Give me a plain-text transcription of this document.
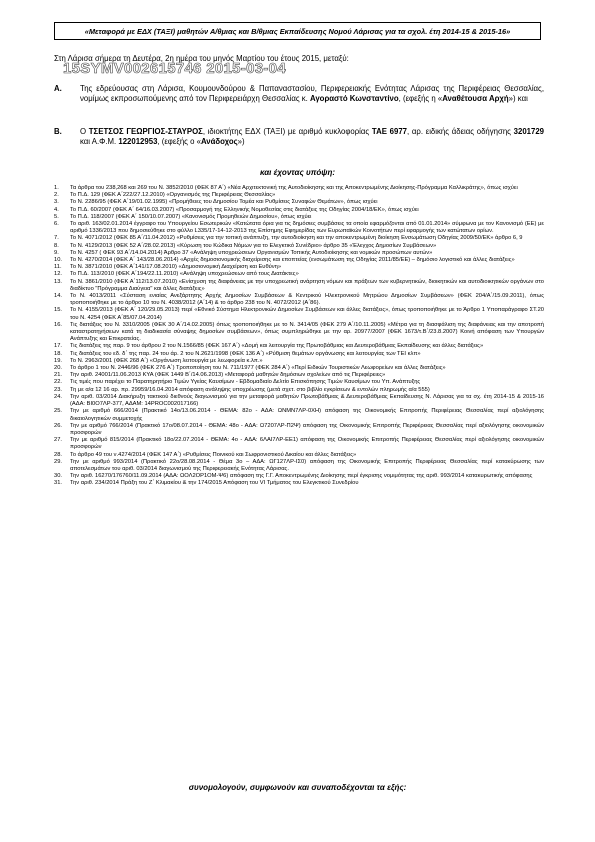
«Μεταφορά με ΕΔΧ (ΤΑΞΙ) μαθητών Α/θμιας και Β/θμιας Εκπαίδευσης Νομού Λάρισας για τα σχολ. έτη 2014-15 & 2015-16»
Στη Λάρισα σήμερα τη Δευτέρα, 2η ημέρα του μηνός Μαρτίου του έτους 2015, μεταξύ:
15SYMV002615746 2015-03-04
Α. Της εδρεύουσας στη Λάρισα, Κουμουνδούρου & Παπαναστασίου, Περιφερειακής Ενότητας Λάρισας της Περιφέρειας Θεσσαλίας, νομίμως εκπροσωπούμενης από τον Περιφερειάρχη Θεσσαλίας κ. Αγοραστό Κωνσταντίνο, (εφεξής η «Αναθέτουσα Αρχή») και
Β. Ο ΤΣΕΤΣΟΣ ΓΕΩΡΓΙΟΣ-ΣΤΑΥΡΟΣ, ιδιοκτήτης ΕΔΧ (ΤΑΞΙ) με αριθμό κυκλοφορίας ΤΑΕ 6977, αρ. ειδικής άδειας οδήγησης 3201729 και Α.Φ.Μ. 122012953, (εφεξής ο «Ανάδοχος»)
και έχοντας υπόψη:
1.	Τα άρθρα του 238,268 και 269 του Ν. 3852/2010 (ΦΕΚ 87 Α΄) «Νέα Αρχιτεκτονική της Αυτοδιοίκησης και της Αποκεντρωμένης Διοίκησης-Πρόγραμμα Καλλικράτης», όπως ισχύει
2.	Το Π.Δ. 129 (ΦΕΚ Α΄222/27.12.2010) «Οργανισμός της Περιφέρειας Θεσσαλίας»
3.	Το Ν. 2286/95 (ΦΕΚ Α΄19/01.02.1995) «Προμήθειες του Δημοσίου Τομέα και Ρυθμίσεις Συναφών Θεμάτων», όπως ισχύει
4.	Το Π.Δ. 60/2007 (ΦΕΚ Α΄ 64/16.03.2007) «Προσαρμογή της Ελληνικής Νομοθεσίας στις διατάξεις της Οδηγίας 2004/18/ΕΚ», όπως ισχύει
5.	Το Π.Δ. 118/2007 (ΦΕΚ Α΄ 150/10.07.2007) «Κανονισμός Προμηθειών Δημοσίου», όπως ισχύει
6.	Το αριθ. 163/02.01.2014 έγγραφο του Υπουργείου Εσωτερικών «Κατώτατα όρια για τις δημόσιες συμβάσεις τα οποία εφαρμόζονται από 01.01.2014» σύμφωνα με τον Κανονισμό (ΕΕ) με αριθμό 1336/2013 που δημοσιεύθηκε στο φύλλο L335/17-14-12-2013 της Επίσημης Εφημερίδας των Ευρωπαϊκών Κοινοτήτων περί εφαρμογής των κατώτατων ορίων.
7.	Το Ν. 4071/2012 (ΦΕΚ 85 Α΄/11.04.2012) «Ρυθμίσεις για την τοπική ανάπτυξη, την αυτοδιοίκηση και την αποκεντρωμένη διοίκηση Ενσωμάτωση Οδηγίας 2009/50/ΕΚ» άρθρο 6, 9
8.	Το Ν. 4129/2013 (ΦΕΚ 52 Α΄/28.02.2013) «Κύρωση του Κώδικα Νόμων για το Ελεγκτικό Συνέδριο» άρθρο 35 «Έλεγχος Δημοσίων Συμβάσεων»
9.	Το Ν. 4257 ( ΦΕΚ 93 Α΄/14.04.2014) Άρθρο 37 «Ανάληψη υποχρεώσεων Οργανισμών Τοπικής Αυτοδιοίκησης και νομικών προσώπων αυτών»
10.	Το Ν. 4270/2014 (ΦΕΚ Α΄ 143/28.06.2014) «Αρχές δημοσιονομικής διαχείρισης και εποπτείας (ενσωμάτωση της Οδηγίας 2011/85/ΕΕ) – δημόσιο λογιστικό και άλλες διατάξεις»
11.	Το Ν. 3871/2010 (ΦΕΚ Α΄141/17.08.2010) «Δημοσιονομική Διαχείριση και Ευθύνη»
12.	Το Π.Δ. 113/2010 (ΦΕΚ Α΄194/22.11.2010) «Ανάληψη υποχρεώσεων από τους Διατάκτες»
13.	Το Ν. 3861/2010 (ΦΕΚ Α΄112/13.07.2010) «Ενίσχυση της διαφάνειας με την υποχρεωτική ανάρτηση νόμων και πράξεων των κυβερνητικών, διοικητικών και αυτοδιοικητικών οργάνων στο διαδίκτυο "Πρόγραμμα Διαύγεια" και άλλες διατάξεις»
14.	Το Ν. 4013/2011 «Σύσταση ενιαίας Ανεξάρτητης Αρχής Δημοσίων Συμβάσεων & Κεντρικού Ηλεκτρονικού Μητρώου Δημοσίων Συμβάσεων» (ΦΕΚ 204/Α΄/15.09.2011), όπως τροποποιήθηκε με το άρθρο 10 του Ν. 4038/2012 (Α΄14) & το άρθρο 238 του Ν. 4072/2012 (Α΄86).
15.	Το Ν. 4155/2013 (ΦΕΚ Α΄ 120/29.05.2013) περί «Εθνικό Σύστημα Ηλεκτρονικών Δημοσίων Συμβάσεων και άλλες διατάξεις», όπως τροποποιήθηκε με το Άρθρο 1 Υποπαράγραφο ΣΤ.20 του Ν. 4254 (ΦΕΚ Α΄85/07.04.2014)
16.	Τις διατάξεις του Ν. 3310/2005 (ΦΕΚ 30 Α΄/14.02.2005) όπως τροποποιήθηκε με το Ν. 3414/05 (ΦΕΚ 279 Α΄/10.11.2005) «Μέτρα για τη διασφάλιση της διαφάνειας και την αποτροπή καταστρατηγήσεων κατά τη διαδικασία σύναψης δημοσίων συμβάσεων», όπως συμπληρώθηκε με την αρ. 20977/2007 (ΦΕΚ 1673/τ.Β΄/23.8.2007) Κοινή απόφαση των Υπουργών Ανάπτυξης και Επικρατείας.
17.	Τις διατάξεις της παρ. 9 του άρθρου 2 του Ν.1566/85 (ΦΕΚ 167 Α΄) «Δομή και λειτουργία της Πρωτοβάθμιας και Δευτεροβάθμιας Εκπαίδευσης και άλλες διατάξεις»
18.	Τις διατάξεις του εδ. δ΄ της παρ. 24 του άρ. 2 του Ν.2621/1998 (ΦΕΚ 136 Α΄) «Ρύθμιση θεμάτων οργάνωσης και λειτουργίας των ΤΕΙ κλπ»
19.	Το Ν. 2963/2001 (ΦΕΚ 268 Α΄) «Οργάνωση λειτουργία με λεωφορεία κ.λπ.»
20.	Το άρθρο 1 του Ν. 2446/96 (ΦΕΚ 276 Α΄) Τροποποίηση του Ν. 711/1977 (ΦΕΚ 284 Α΄) «Περί Ειδικών Τουριστικών Λεωφορείων και άλλες διατάξεις»
21.	Την αριθ. 24001/11.06.2013 ΚΥΑ (ΦΕΚ 1449 Β΄/14.06.2013) «Μεταφορά μαθητών δημόσιων σχολείων από τις Περιφέρειες»
22.	Τις τιμές που παρέχει το Παρατηρητήριο Τιμών Υγείας Καυσίμων - Εβδομαδιαίο Δελτίο Επισκόπησης Τιμών Καυσίμων του Υπ. Ανάπτυξης
23.	Τη με α/α 12 16 αρ. πρ. 29959/16.04.2014 απόφαση ανάληψης υποχρέωσης (μετά σχετ. στο βιβλίο εγκρίσεων & εντολών πληρωμής α/α 555)
24.	Την αριθ. 03/2014 Διακήρυξη τακτικού διεθνούς διαγωνισμού για την μεταφορά μαθητών Πρωτοβάθμιας & Δευτεροβάθμιας Εκπαίδευσης Ν. Λάρισας για τα σχ. έτη 2014-15 & 2015-16 (ΑΔΑ: ΒΙ0Ο7ΛΡ-377, ΑΔΑΜ: 14PROC002017166)
25.	Την με αριθμό 666/2014 (Πρακτικό 14ο/13.06.2014 - ΘΕΜΑ: 82ο - ΑΔΑ: ΩΝΜΝ7ΛΡ-0ΧΗ) απόφαση της Οικονομικής Επιτροπής Περιφέρειας Θεσσαλίας περί αξιολόγησης δικαιολογητικών συμμετοχής
26.	Την με αριθμό 766/2014 (Πρακτικό 17ο/08.07.2014 - ΘΕΜΑ: 48ο - ΑΔΑ: Ω7207ΛΡ-Π2Ψ) απόφαση της Οικονομικής Επιτροπής Περιφέρειας Θεσσαλίας περί αξιολόγησης οικονομικών προσφορών
27.	Την με αριθμό 815/2014 (Πρακτικό 18ο/22.07.2014 - ΘΕΜΑ: 4ο - ΑΔΑ: 6ΛΑΙ7ΛΡ-ΕΕ1) απόφαση της Οικονομικής Επιτροπής Περιφέρειας Θεσσαλίας περί αξιολόγησης οικονομικών προσφορών
28.	Το άρθρο 49 του ν.4274/2014 (ΦΕΚ 147 Α΄) «Ρυθμίσεις Ποινικού και Σωφρονιστικού Δικαίου και άλλες διατάξεις»
29.	Την με αριθμό 993/2014 (Πρακτικό 22ο/28.08.2014 - Θέμα 3ο – ΑΔΑ: ΩΓ127ΛΡ-ΙΣ0) απόφαση της Οικονομικής Επιτροπής Περιφέρειας Θεσσαλίας περί κατακύρωσης των αποτελεσμάτων του αριθ. 03/2014 διαγωνισμού της Περιφερειακής Ενότητας Λάρισας.
30.	Την αριθ. 16270/176760/11.09.2014 (ΑΔΑ: ΩΟΛ2ΟΡ1ΟΜ-Ψ6) απόφαση της Γ.Γ. Αποκεντρωμένης Διοίκησης περί έγκρισης νομιμότητας της αριθ. 993/2014 κατακυρωτικής απόφασης
31.	Την αριθ. 234/2014 Πράξη του Ζ΄ Κλιμακίου & την 174/2015 Απόφαση του VI Τμήματος του Ελεγκτικού Συνεδρίου
συνομολογούν, συμφωνούν και συναποδέχονται τα εξής:
